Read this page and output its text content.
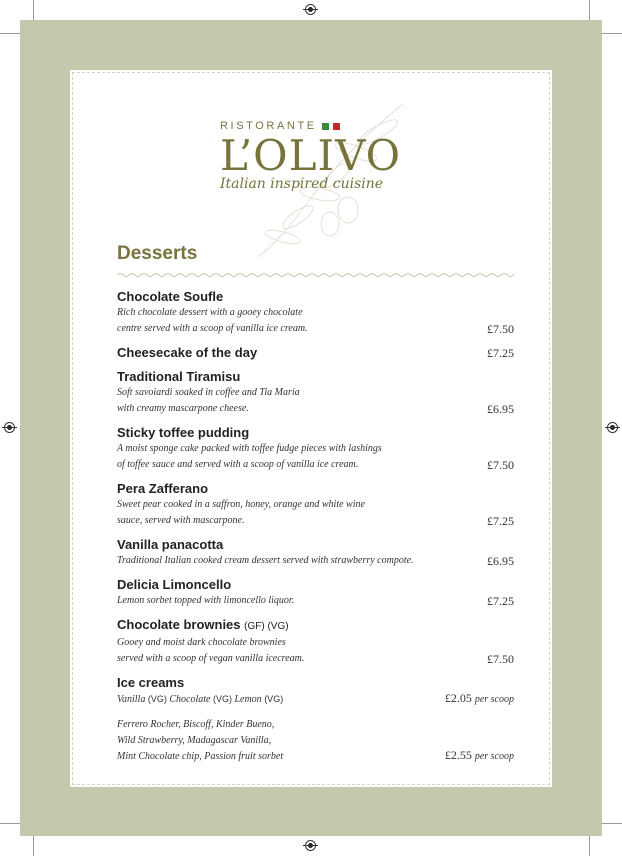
RISTORANTE
L’OLIVO
Italian inspired cuisine
Desserts
Chocolate Soufle
Rich chocolate dessert with a gooey chocolate
centre served with a scoop of vanilla ice cream.	£7.50
Cheesecake of the day	£7.25
Traditional Tiramisu
Soft savoiardi soaked in coffee and Tia Maria
with creamy mascarpone cheese.	£6.95
Sticky toffee pudding
A moist sponge cake packed with toffee fudge pieces with lashings
of toffee sauce and served with a scoop of vanilla ice cream.	£7.50
Pera Zafferano
Sweet pear cooked in a saffron, honey, orange and white wine
sauce, served with mascarpone.	£7.25
Vanilla panacotta
Traditional Italian cooked cream dessert served with strawberry compote.	£6.95
Delicia Limoncello
Lemon sorbet topped with limoncello liquor.	£7.25
Chocolate brownies (GF) (VG)
Gooey and moist dark chocolate brownies
served with a scoop of vegan vanilla icecream.	£7.50
Ice creams
Vanilla (VG) Chocolate (VG) Lemon (VG)	£2.05 per scoop
Ferrero Rocher, Biscoff, Kinder Bueno,
Wild Strawberry, Madagascar Vanilla,
Mint Chocolate chip, Passion fruit sorbet	£2.55 per scoop
